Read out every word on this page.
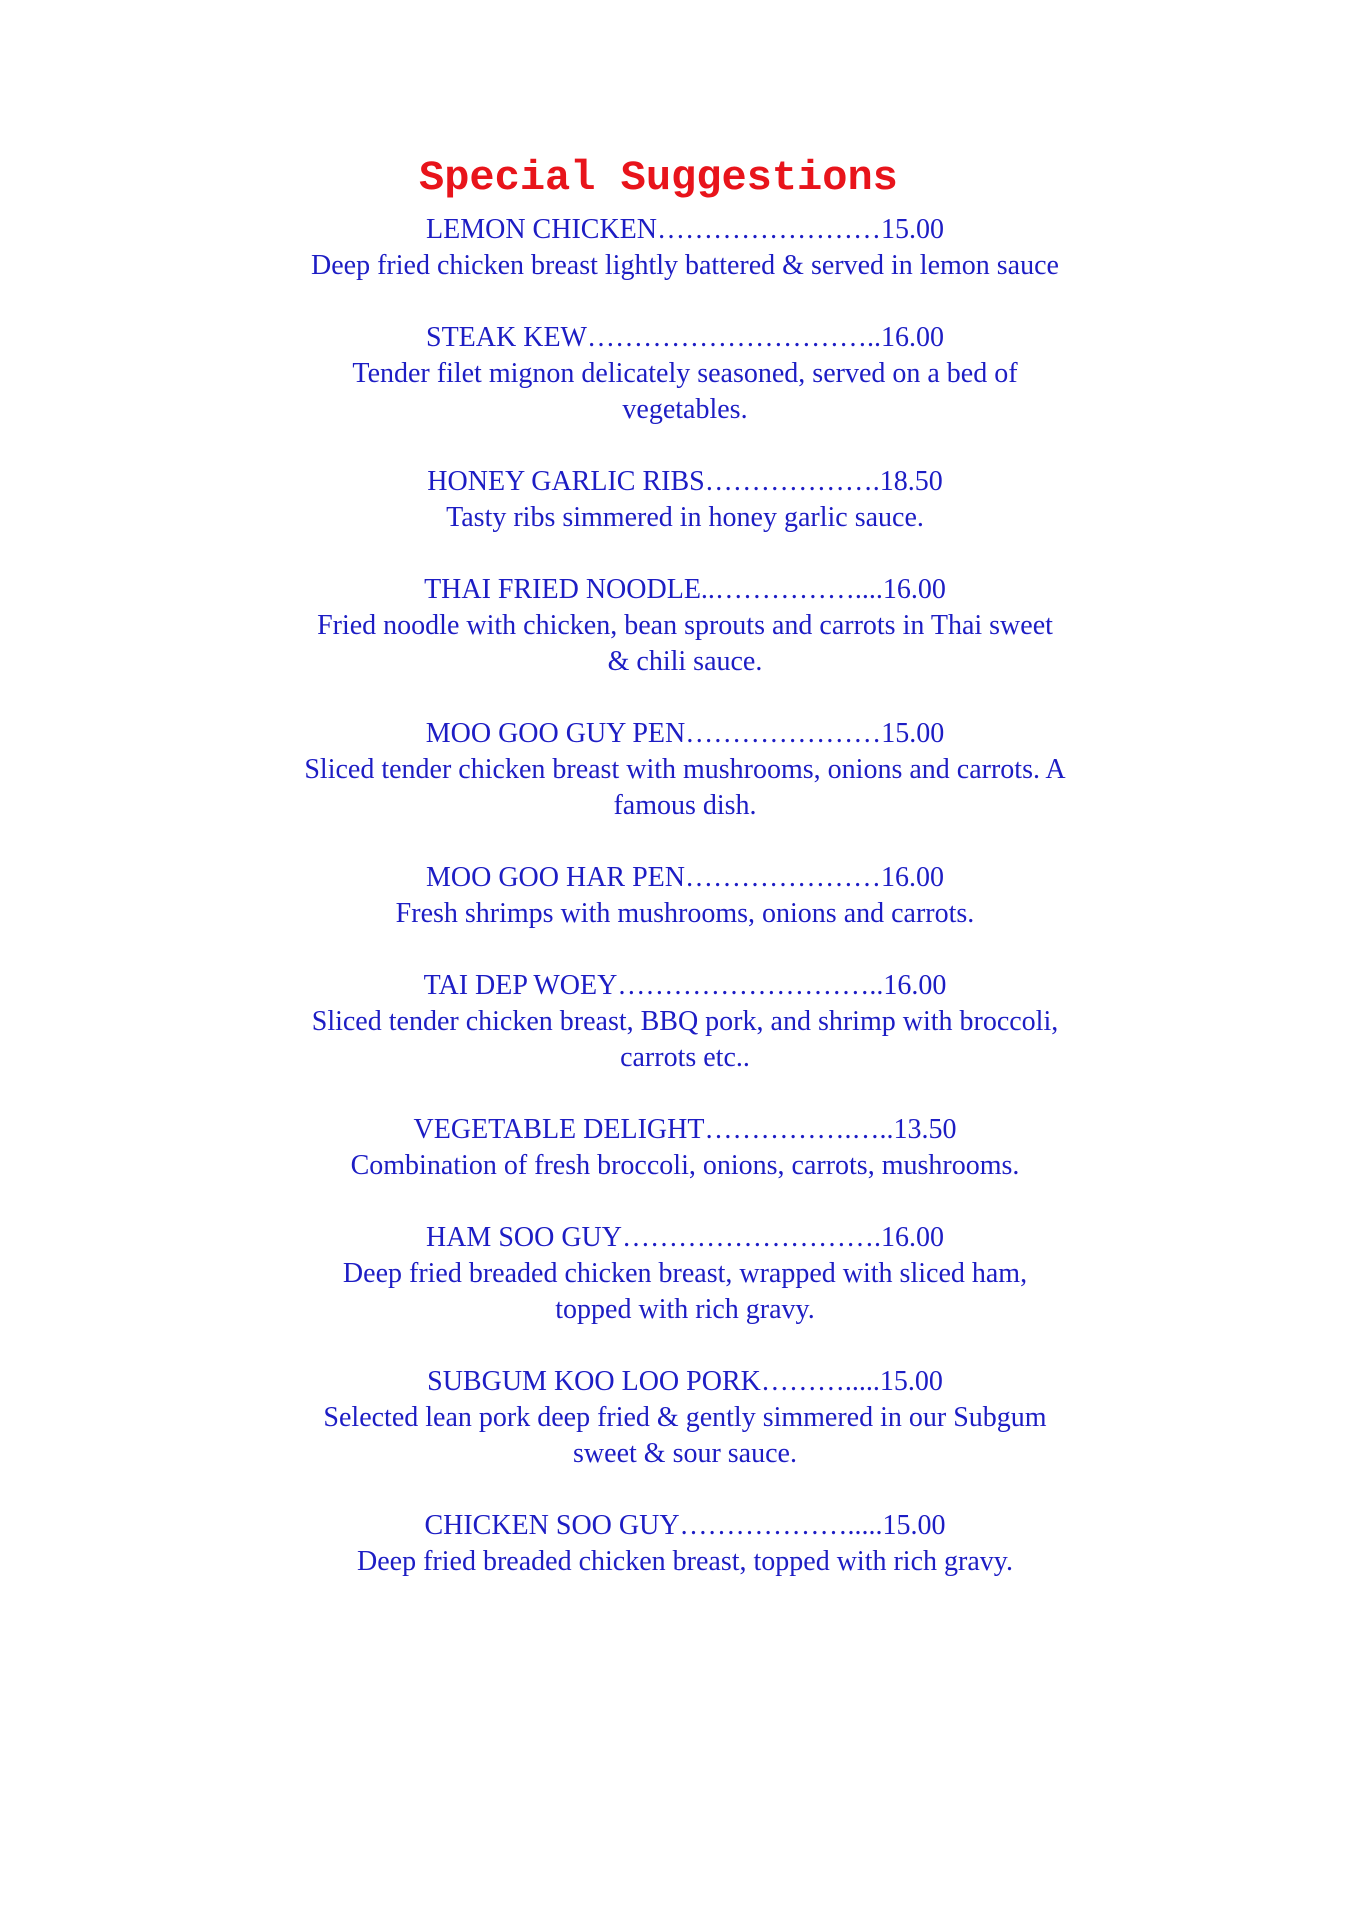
Special Suggestions
LEMON CHICKEN……………………15.00
Deep fried chicken breast lightly battered & served in lemon sauce
STEAK KEW…………………………..16.00
Tender filet mignon delicately seasoned, served on a bed of vegetables.
HONEY GARLIC RIBS……………….18.50
Tasty ribs simmered in honey garlic sauce.
THAI FRIED NOODLE..……………....16.00
Fried noodle with chicken, bean sprouts and carrots in Thai sweet & chili sauce.
MOO GOO GUY PEN…………………15.00
Sliced tender chicken breast with mushrooms, onions and carrots. A famous dish.
MOO GOO HAR PEN…………………16.00
Fresh shrimps with mushrooms, onions and carrots.
TAI DEP WOEY………………………..16.00
Sliced tender chicken breast, BBQ pork, and shrimp with broccoli, carrots etc..
VEGETABLE DELIGHT…………….…..13.50
Combination of fresh broccoli, onions, carrots, mushrooms.
HAM SOO GUY……………………….16.00
Deep fried breaded chicken breast, wrapped with sliced ham, topped with rich gravy.
SUBGUM KOO LOO PORK……….....15.00
Selected lean pork deep fried & gently simmered in our Subgum sweet & sour sauce.
CHICKEN SOO GUY……………….....15.00
Deep fried breaded chicken breast, topped with rich gravy.
